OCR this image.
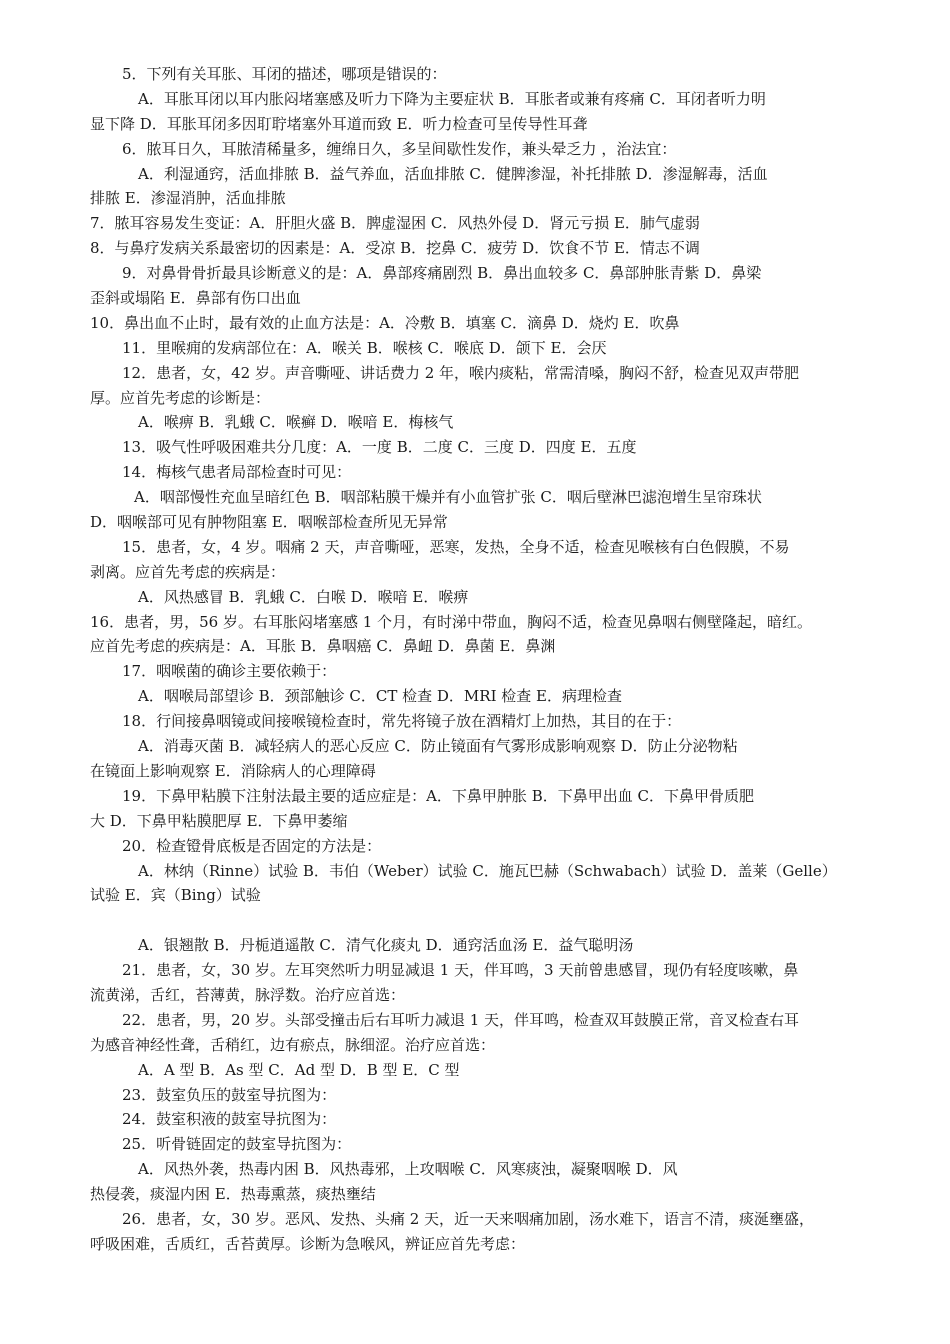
5．下列有关耳胀、耳闭的描述，哪项是错误的：
A．耳胀耳闭以耳内胀闷堵塞感及听力下降为主要症状 B．耳胀者或兼有疼痛 C．耳闭者听力明
显下降 D．耳胀耳闭多因耵聍堵塞外耳道而致 E．听力检查可呈传导性耳聋
6．脓耳日久，耳脓清稀量多，缠绵日久，多呈间歇性发作，兼头晕乏力 ，治法宜：
A．利湿通窍，活血排脓 B．益气养血，活血排脓 C．健脾渗湿，补托排脓 D．渗湿解毒，活血
排脓 E．渗湿消肿，活血排脓
7．脓耳容易发生变证：A．肝胆火盛 B．脾虚湿困 C．风热外侵 D．肾元亏损 E．肺气虚弱
8．与鼻疗发病关系最密切的因素是：A．受凉 B．挖鼻 C．疲劳 D．饮食不节 E．情志不调
9．对鼻骨骨折最具诊断意义的是：A．鼻部疼痛剧烈 B．鼻出血较多 C．鼻部肿胀青紫 D．鼻梁
歪斜或塌陷 E．鼻部有伤口出血
10．鼻出血不止时，最有效的止血方法是：A．冷敷 B．填塞 C．滴鼻 D．烧灼 E．吹鼻
11．里喉痈的发病部位在：A．喉关 B．喉核 C．喉底 D．颌下 E．会厌
12．患者，女，42 岁。声音嘶哑、讲话费力 2 年，喉内痰粘，常需清嗓，胸闷不舒，检查见双声带肥
厚。应首先考虑的诊断是：
A．喉痹 B．乳蛾 C．喉癣 D．喉喑 E．梅核气
13．吸气性呼吸困难共分几度：A．一度 B．二度 C．三度 D．四度 E．五度
14．梅核气患者局部检查时可见：
A．咽部慢性充血呈暗红色 B．咽部粘膜干燥并有小血管扩张 C．咽后壁淋巴滤泡增生呈帘珠状
D．咽喉部可见有肿物阻塞 E．咽喉部检查所见无异常
15．患者，女，4 岁。咽痛 2 天，声音嘶哑，恶寒，发热，全身不适，检查见喉核有白色假膜，不易
剥离。应首先考虑的疾病是：
A．风热感冒 B．乳蛾 C．白喉 D．喉喑 E．喉痹
16．患者，男，56 岁。右耳胀闷堵塞感 1 个月，有时涕中带血，胸闷不适，检查见鼻咽右侧壁隆起，暗红。
应首先考虑的疾病是：A．耳胀 B．鼻咽癌 C．鼻衄 D．鼻菌 E．鼻渊
17．咽喉菌的确诊主要依赖于：
A．咽喉局部望诊 B．颈部触诊 C．CT 检查 D．MRI 检查 E．病理检查
18．行间接鼻咽镜或间接喉镜检查时，常先将镜子放在酒精灯上加热，其目的在于：
A．消毒灭菌 B．减轻病人的恶心反应 C．防止镜面有气雾形成影响观察 D．防止分泌物粘
在镜面上影响观察 E．消除病人的心理障碍
19．下鼻甲粘膜下注射法最主要的适应症是：A．下鼻甲肿胀 B．下鼻甲出血 C．下鼻甲骨质肥
大 D．下鼻甲粘膜肥厚 E．下鼻甲萎缩
20．检查镫骨底板是否固定的方法是：
A．林纳（Rinne）试验 B．韦伯（Weber）试验 C．施瓦巴赫（Schwabach）试验 D．盖莱（Gelle）
试验 E．宾（Bing）试验
A．银翘散 B．丹栀逍遥散 C．清气化痰丸 D．通窍活血汤 E．益气聪明汤
21．患者，女，30 岁。左耳突然听力明显减退 1 天，伴耳鸣，3 天前曾患感冒，现仍有轻度咳嗽，鼻
流黄涕，舌红，苔薄黄，脉浮数。治疗应首选：
22．患者，男，20 岁。头部受撞击后右耳听力减退 1 天，伴耳鸣，检查双耳鼓膜正常，音叉检查右耳
为感音神经性聋，舌稍红，边有瘀点，脉细涩。治疗应首选：
A．A 型 B．As 型 C．Ad 型 D．B 型 E．C 型
23．鼓室负压的鼓室导抗图为：
24．鼓室积液的鼓室导抗图为：
25．听骨链固定的鼓室导抗图为：
A．风热外袭，热毒内困 B．风热毒邪，上攻咽喉 C．风寒痰浊，凝聚咽喉 D．风
热侵袭，痰湿内困 E．热毒熏蒸，痰热壅结
26．患者，女，30 岁。恶风、发热、头痛 2 天，近一天来咽痛加剧，汤水难下，语言不清，痰涎壅盛，
呼吸困难，舌质红，舌苔黄厚。诊断为急喉风，辨证应首先考虑：
